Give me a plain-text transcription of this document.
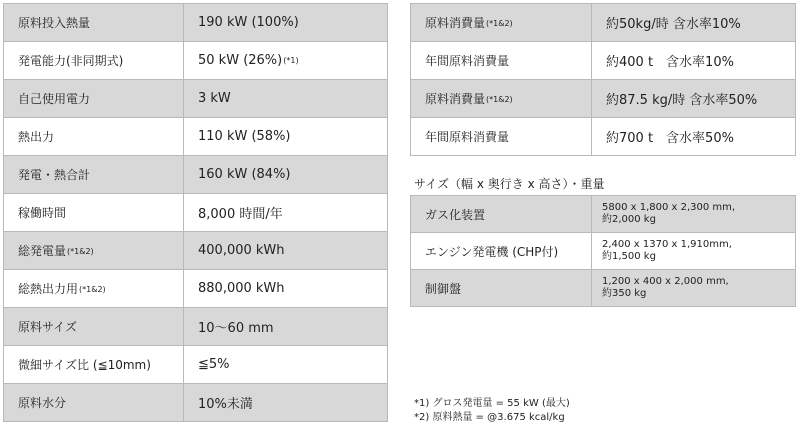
原料投入熱量	190 kW (100%)
発電能力(非同期式)	50 kW (26%)(*1)
自己使用電力	3 kW
熱出力	110 kW (58%)
発電・熱合計	160 kW (84%)
稼働時間	8,000 時間/年
総発電量(*1&2)	400,000 kWh
総熱出力用(*1&2)	880,000 kWh
原料サイズ	10～60 mm
微細サイズ比 (≦10mm)	≦5%
原料水分	10%未満
原料消費量(*1&2)	約50kg/時 含水率10%
年間原料消費量	約400 t　含水率10%
原料消費量(*1&2)	約87.5 kg/時 含水率50%
年間原料消費量	約700 t　含水率50%

サイズ（幅 x 奥行き x 高さ）・重量

ガス化装置	5800 x 1,800 x 2,300 mm,
約2,000 kg

エンジン発電機 (CHP付)	2,400 x 1370 x 1,910mm,
約1,500 kg

制御盤	1,200 x 400 x 2,000 mm,
約350 kg
*1) グロス発電量 = 55 kW (最大)
*2) 原料熱量 = @3.675 kcal/kg
